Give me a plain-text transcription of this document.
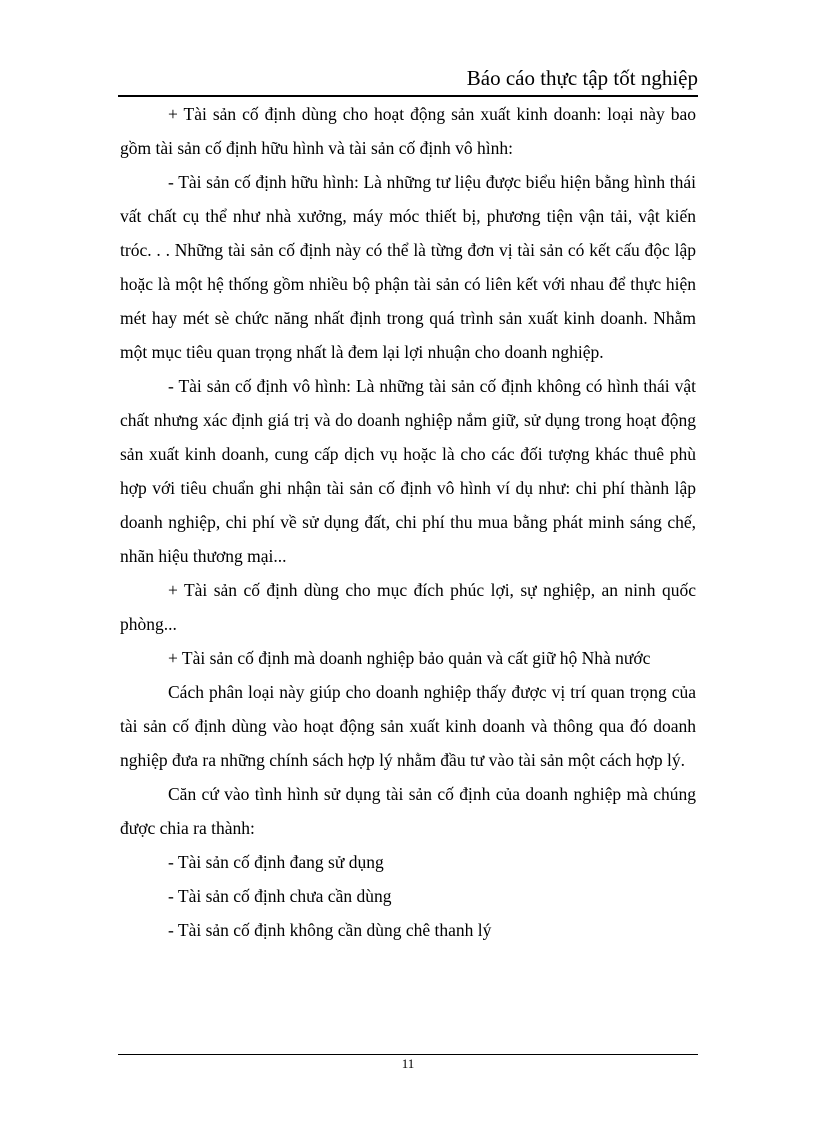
Báo cáo thực tập tốt nghiệp

+ Tài sản cố định dùng cho hoạt động sản xuất kinh doanh: loại này bao gồm tài sản cố định hữu hình và tài sản cố định vô hình:

- Tài sản cố định hữu hình: Là những tư liệu được biểu hiện bằng hình thái vất chất cụ thể như nhà xưởng, máy móc thiết bị, phương tiện vận tải, vật kiến tróc. . . Những tài sản cố định này có thể là từng đơn vị tài sản có kết cấu độc lập hoặc là một hệ thống gồm nhiều bộ phận tài sản có liên kết với nhau để thực hiện mét hay mét sè chức năng nhất định trong quá trình sản xuất kinh doanh. Nhằm một mục tiêu quan trọng nhất là đem lại lợi nhuận cho doanh nghiệp.

- Tài sản cố định vô hình: Là những tài sản cố định không có hình thái vật chất nhưng xác định giá trị và do doanh nghiệp nắm giữ, sử dụng trong hoạt động sản xuất kinh doanh, cung cấp dịch vụ hoặc là cho các đối tượng khác thuê phù hợp với tiêu chuẩn ghi nhận tài sản cố định vô hình ví dụ như: chi phí thành lập doanh nghiệp, chi phí về sử dụng đất, chi phí thu mua bằng phát minh sáng chế, nhãn hiệu thương mại...

+ Tài sản cố định dùng cho mục đích phúc lợi, sự nghiệp, an ninh quốc phòng...

+ Tài sản cố định mà doanh nghiệp bảo quản và cất giữ hộ Nhà nước

Cách phân loại này giúp cho doanh nghiệp thấy được vị trí quan trọng của tài sản cố định dùng vào hoạt động sản xuất kinh doanh và thông qua đó doanh nghiệp đưa ra những chính sách hợp lý nhằm đầu tư vào tài sản một cách hợp lý.

Căn cứ vào tình hình sử dụng tài sản cố định của doanh nghiệp mà chúng được chia ra thành:

- Tài sản cố định đang sử dụng

- Tài sản cố định chưa cần dùng

- Tài sản cố định không cần dùng chê thanh lý

11
